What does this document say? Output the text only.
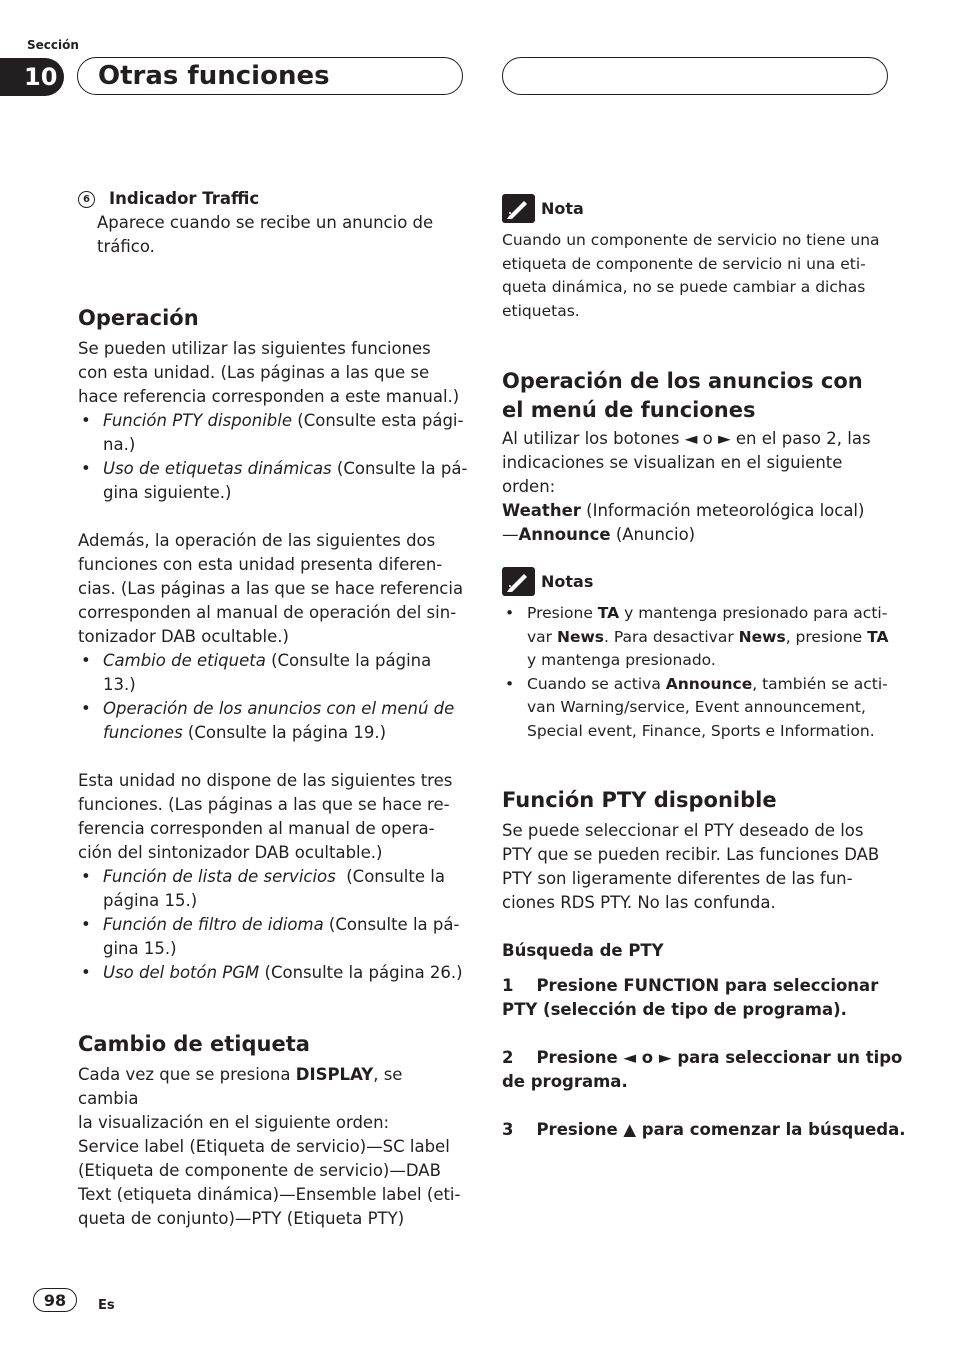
Sección
10 Otras funciones

6 Indicador Traffic

Aparece cuando se recibe un anuncio de

tráfico.

Operación

Se pueden utilizar las siguientes funciones

con esta unidad. (Las páginas a las que se

hace referencia corresponden a este manual.)

• Función PTY disponible (Consulte esta pági-

na.)

• Uso de etiquetas dinámicas (Consulte la pá-

gina siguiente.)

Además, la operación de las siguientes dos

funciones con esta unidad presenta diferen-

cias. (Las páginas a las que se hace referencia

corresponden al manual de operación del sin-

tonizador DAB ocultable.)

• Cambio de etiqueta (Consulte la página 13.)

• Operación de los anuncios con el menú de

funciones (Consulte la página 19.)

Esta unidad no dispone de las siguientes tres

funciones. (Las páginas a las que se hace re-

ferencia corresponden al manual de opera-

ción del sintonizador DAB ocultable.)

• Función de lista de servicios  (Consulte la

página 15.)

• Función de filtro de idioma (Consulte la pá-

gina 15.)

• Uso del botón PGM (Consulte la página 26.)

Cambio de etiqueta

Cada vez que se presiona DISPLAY, se cambia

la visualización en el siguiente orden:

Service label (Etiqueta de servicio)—SC label

(Etiqueta de componente de servicio)—DAB

Text (etiqueta dinámica)—Ensemble label (eti-

queta de conjunto)—PTY (Etiqueta PTY)

Nota

Cuando un componente de servicio no tiene una

etiqueta de componente de servicio ni una eti-

queta dinámica, no se puede cambiar a dichas

etiquetas.

Operación de los anuncios con
el menú de funciones

Al utilizar los botones ◄ o ► en el paso 2, las

indicaciones se visualizan en el siguiente

orden:

Weather (Información meteorológica local)

—Announce (Anuncio)

Notas

• Presione TA y mantenga presionado para acti-

var News. Para desactivar News, presione TA

y mantenga presionado.

• Cuando se activa Announce, también se acti-

van Warning/service, Event announcement,

Special event, Finance, Sports e Information.

Función PTY disponible

Se puede seleccionar el PTY deseado de los

PTY que se pueden recibir. Las funciones DAB

PTY son ligeramente diferentes de las fun-

ciones RDS PTY. No las confunda.

Búsqueda de PTY

1    Presione FUNCTION para seleccionar

PTY (selección de tipo de programa).

2    Presione ◄ o ► para seleccionar un tipo

de programa.

3    Presione ▲ para comenzar la búsqueda.

98	Es
